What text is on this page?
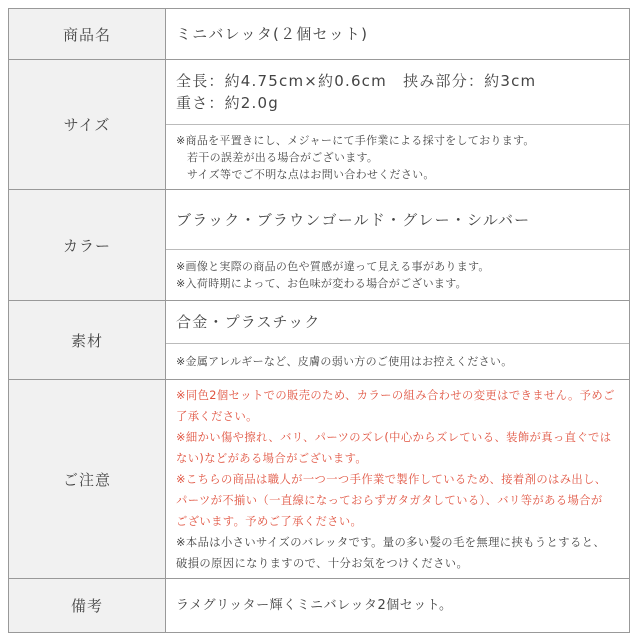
商品名	ミニバレッタ(２個セット)
サイズ
全長：約4.75cm×約0.6cm　挟み部分：約3cm
重さ：約2.0g
※商品を平置きにし、メジャーにて手作業による採寸をしております。
若干の誤差が出る場合がございます。
サイズ等でご不明な点はお問い合わせください。
カラー
ブラック・ブラウンゴールド・グレー・シルバー
※画像と実際の商品の色や質感が違って見える事があります。
※入荷時期によって、お色味が変わる場合がございます。
素材
合金・プラスチック
※金属アレルギーなど、皮膚の弱い方のご使用はお控えください。
ご注意
※同色2個セットでの販売のため、カラーの組み合わせの変更はできません。予めご
了承ください。
※細かい傷や擦れ、バリ、パーツのズレ(中心からズレている、装飾が真っ直ぐでは
ない)などがある場合がございます。
※こちらの商品は職人が一つ一つ手作業で製作しているため、接着剤のはみ出し、
パーツが不揃い（一直線になっておらずガタガタしている）、バリ等がある場合が
ございます。予めご了承ください。
※本品は小さいサイズのバレッタです。量の多い髪の毛を無理に挟もうとすると、
破損の原因になりますので、十分お気をつけください。
備考	ラメグリッター輝くミニバレッタ2個セット。
